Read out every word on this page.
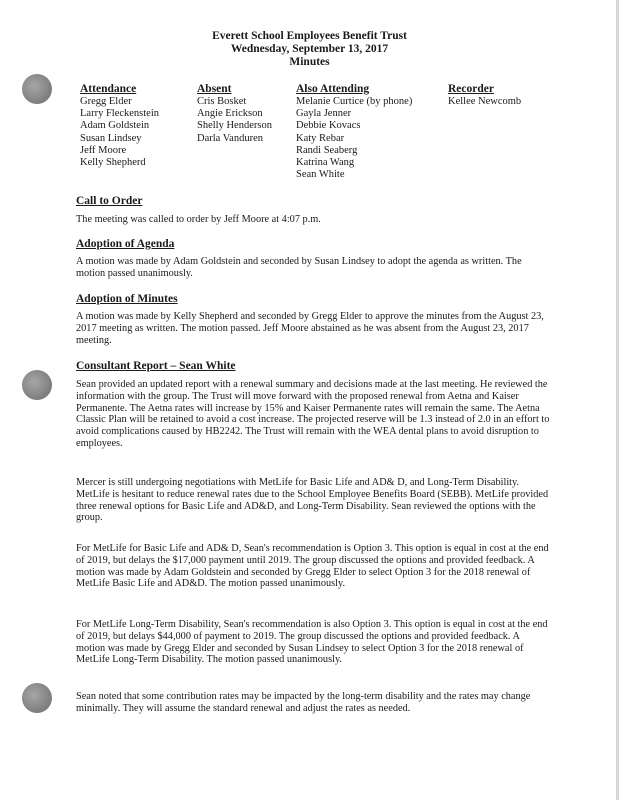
Everett School Employees Benefit Trust
Wednesday, September 13, 2017
Minutes
Attendance
Gregg Elder
Larry Fleckenstein
Adam Goldstein
Susan Lindsey
Jeff Moore
Kelly Shepherd
Absent
Cris Bosket
Angie Erickson
Shelly Henderson
Darla Vanduren
Also Attending
Melanie Curtice (by phone)
Gayla Jenner
Debbie Kovacs
Katy Rebar
Randi Seaberg
Katrina Wang
Sean White
Recorder
Kellee Newcomb
Call to Order
The meeting was called to order by Jeff Moore at 4:07 p.m.
Adoption of Agenda
A motion was made by Adam Goldstein and seconded by Susan Lindsey to adopt the agenda as written. The motion passed unanimously.
Adoption of Minutes
A motion was made by Kelly Shepherd and seconded by Gregg Elder to approve the minutes from the August 23, 2017 meeting as written. The motion passed. Jeff Moore abstained as he was absent from the August 23, 2017 meeting.
Consultant Report – Sean White
Sean provided an updated report with a renewal summary and decisions made at the last meeting. He reviewed the information with the group. The Trust will move forward with the proposed renewal from Aetna and Kaiser Permanente. The Aetna rates will increase by 15% and Kaiser Permanente rates will remain the same. The Aetna Classic Plan will be retained to avoid a cost increase. The projected reserve will be 1.3 instead of 2.0 in an effort to avoid complications caused by HB2242. The Trust will remain with the WEA dental plans to avoid disruption to employees.
Mercer is still undergoing negotiations with MetLife for Basic Life and AD& D, and Long-Term Disability. MetLife is hesitant to reduce renewal rates due to the School Employee Benefits Board (SEBB). MetLife provided three renewal options for Basic Life and AD&D, and Long-Term Disability. Sean reviewed the options with the group.
For MetLife for Basic Life and AD& D, Sean's recommendation is Option 3. This option is equal in cost at the end of 2019, but delays the $17,000 payment until 2019. The group discussed the options and provided feedback. A motion was made by Adam Goldstein and seconded by Gregg Elder to select Option 3 for the 2018 renewal of MetLife Basic Life and AD&D. The motion passed unanimously.
For MetLife Long-Term Disability, Sean's recommendation is also Option 3. This option is equal in cost at the end of 2019, but delays $44,000 of payment to 2019. The group discussed the options and provided feedback. A motion was made by Gregg Elder and seconded by Susan Lindsey to select Option 3 for the 2018 renewal of MetLife Long-Term Disability. The motion passed unanimously.
Sean noted that some contribution rates may be impacted by the long-term disability and the rates may change minimally. They will assume the standard renewal and adjust the rates as needed.
